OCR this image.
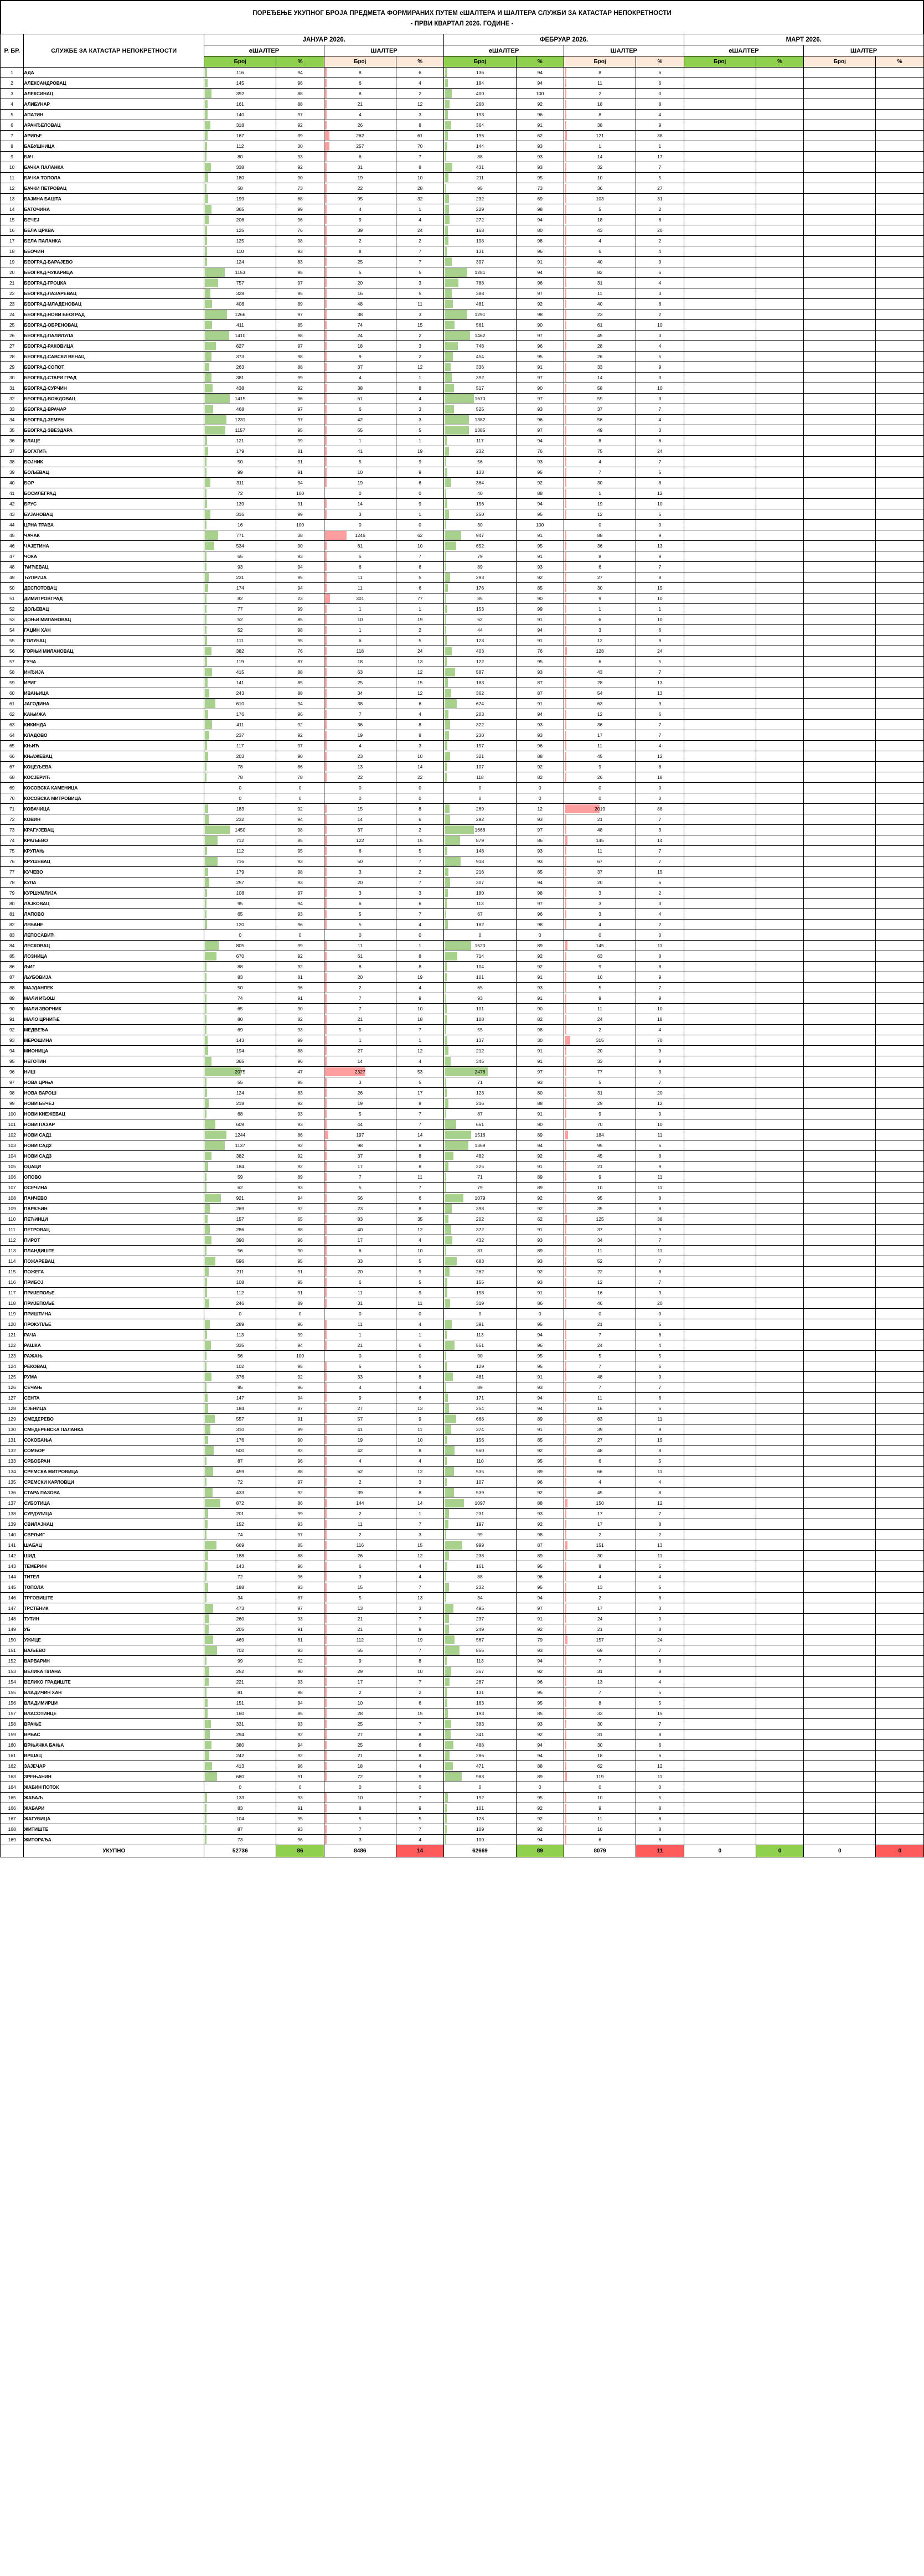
ПОРЕЂЕЊЕ УКУПНОГ БРОЈА ПРЕДМЕТА ФОРМИРАНИХ ПУТЕМ еШАЛТЕРА И ШАЛТЕРА СЛУЖБИ ЗА КАТАСТАР НЕПОКРЕТНОСТИ
- ПРВИ КВАРТАЛ 2026. ГОДИНЕ -
Р. БР.	СЛУЖБЕ ЗА КАТАСТАР НЕПОКРЕТНОСТИ	ЈАНУАР 2026.				ФЕБРУАР 2026.				МАРТ 2026.			
		еШАЛТЕР		ШАЛТЕР		еШАЛТЕР		ШАЛТЕР		еШАЛТЕР		ШАЛТЕР	
		Број	%	Број	%	Број	%	Број	%	Број	%	Број	%
1	АДА	116	94	8	6	136	94	8	6				
2	АЛЕКСАНДРОВАЦ	145	96	6	4	184	94	11	6				
3	АЛЕКСИНАЦ	392	88	8	2	400	100	2	0				
4	АЛИБУНАР	161	88	21	12	268	92	18	8				
5	АПАТИН	140	97	4	3	193	96	8	4				
6	АРАНЂЕЛОВАЦ	318	92	26	8	364	91	38	9				
7	АРИЉЕ	167	39	262	61	196	62	121	38				
8	БАБУШНИЦА	112	30	257	70	144	93	1	1				
9	БАЧ	80	93	6	7	88	93	14	17				
10	БАЧКА ПАЛАНКА	338	92	31	8	431	93	32	7				
11	БАЧКА ТОПОЛА	180	90	19	10	211	95	10	5				
12	БАЧКИ ПЕТРОВАЦ	58	73	22	28	95	73	36	27				
13	БАЈИНА БАШТА	199	68	95	32	232	69	103	31				
14	БАТОЧИНА	365	99	4	1	229	98	5	2				
15	БЕЧЕЈ	206	96	9	4	272	94	18	6				
16	БЕЛА ЦРКВА	125	76	39	24	168	80	43	20				
17	БЕЛА ПАЛАНКА	125	98	2	2	198	98	4	2				
18	БЕОЧИН	110	93	8	7	131	96	6	4				
19	БЕОГРАД-БАРАЈЕВО	124	83	25	7	397	91	40	9				
20	БЕОГРАД-ЧУКАРИЦА	1153	95	5	5	1281	94	82	6				
21	БЕОГРАД-ГРОЦКА	757	97	20	3	788	96	31	4				
22	БЕОГРАД-ЛАЗАРЕВАЦ	328	95	16	5	388	97	11	3				
23	БЕОГРАД-МЛАДЕНОВАЦ	408	89	48	11	481	92	40	8				
24	БЕОГРАД-НОВИ БЕОГРАД	1266	97	38	3	1291	98	23	2				
25	БЕОГРАД-ОБРЕНОВАЦ	411	85	74	15	561	90	61	10				
26	БЕОГРАД-ПАЛИЛУЛА	1410	98	24	2	1462	97	45	3				
27	БЕОГРАД-РАКОВИЦА	627	97	18	3	748	96	28	4				
28	БЕОГРАД-САВСКИ ВЕНАЦ	373	98	9	2	454	95	26	5				
29	БЕОГРАД-СОПОТ	263	88	37	12	336	91	33	9				
30	БЕОГРАД-СТАРИ ГРАД	381	99	4	1	392	97	14	3				
31	БЕОГРАД-СУРЧИН	438	92	38	8	517	90	58	10				
32	БЕОГРАД-ВОЖДОВАЦ	1415	96	61	4	1670	97	59	3				
33	БЕОГРАД-ВРАЧАР	468	97	6	3	525	93	37	7				
34	БЕОГРАД-ЗЕМУН	1231	97	42	3	1382	96	56	4				
35	БЕОГРАД-ЗВЕЗДАРА	1157	95	65	5	1385	97	49	3				
36	БЛАЦЕ	121	99	1	1	117	94	8	6				
37	БОГАТИЋ	179	81	41	19	232	76	75	24				
38	БОЈНИК	50	91	5	9	56	93	4	7				
39	БОЉЕВАЦ	99	91	10	9	133	95	7	5				
40	БОР	311	94	19	6	364	92	30	8				
41	БОСИЛЕГРАД	72	100	0	0	40	88	1	12				
42	БРУС	139	91	14	9	156	94	19	10				
43	БУЈАНОВАЦ	316	99	3	1	250	95	12	5				
44	ЦРНА ТРАВА	16	100	0	0	30	100	0	0				
45	ЧАЧАК	771	38	1246	62	947	91	88	9				
46	ЧАЈЕТИНА	534	90	61	10	652	95	36	13				
47	ЧОКА	65	93	5	7	79	91	8	9				
48	ЋИЋЕВАЦ	93	94	6	6	89	93	6	7				
49	ЋУПРИЈА	231	95	11	5	293	92	27	8				
50	ДЕСПОТОВАЦ	174	94	11	6	176	85	30	15				
51	ДИМИТРОВГРАД	82	23	301	77	85	90	9	10				
52	ДОЉЕВАЦ	77	99	1	1	153	99	1	1				
53	ДОЊИ МИЛАНОВАЦ	52	85	10	19	62	91	6	10				
54	ГАЏИН ХАН	52	98	1	2	44	94	3	6				
55	ГОЛУБАЦ	111	95	6	5	123	91	12	9				
56	ГОРЊИ МИЛАНОВАЦ	382	76	118	24	403	76	128	24				
57	ГУЧА	119	87	18	13	122	95	6	5				
58	ИНЂИЈА	415	88	63	12	587	93	43	7				
59	ИРИГ	141	85	25	15	183	87	28	13				
60	ИВАЊИЦА	243	88	34	12	362	87	54	13				
61	ЈАГОДИНА	610	94	38	6	674	91	63	9				
62	КАЊИЖА	176	96	7	4	203	94	12	6				
63	КИКИНДА	411	92	36	8	322	93	36	7				
64	КЛАДОВО	237	92	19	8	230	93	17	7				
65	КЊИЋ	117	97	4	3	157	96	11	4				
66	КЊАЖЕВАЦ	203	90	23	10	321	88	45	12				
67	КОЦЕЉЕВА	78	86	13	14	107	92	9	8				
68	КОСЈЕРИЋ	78	78	22	22	118	82	26	18				
69	КОСОВСКА КАМЕНИЦА	0	0	0	0	0	0	0	0				
70	КОСОВСКА МИТРОВИЦА	0	0	0	0	0	0	0	0				
71	КОВАЧИЦА	183	92	15	8	269	12	2019	88				
72	КОВИН	232	94	14	6	292	93	21	7				
73	КРАГУЈЕВАЦ	1450	98	37	2	1666	97	48	3				
74	КРАЉЕВО	712	85	122	15	879	86	145	14				
75	КРУПАЊ	112	95	6	5	148	93	11	7				
76	КРУШЕВАЦ	716	93	50	7	918	93	67	7				
77	КУЧЕВО	179	98	3	2	216	85	37	15				
78	КУЛА	257	93	20	7	307	94	20	6				
79	КУРШУМЛИЈА	108	97	3	3	180	98	3	2				
80	ЛАЈКОВАЦ	95	94	6	6	113	97	3	3				
81	ЛАПОВО	65	93	5	7	67	96	3	4				
82	ЛЕБАНЕ	120	96	5	4	182	98	4	2				
83	ЛЕПОСАВИЋ	0	0	0	0	0	0	0	0				
84	ЛЕСКОВАЦ	805	99	11	1	1520	89	145	11				
85	ЛОЗНИЦА	670	92	61	8	714	92	63	8				
86	ЉИГ	88	92	8	8	104	92	9	8				
87	ЉУБОВИЈА	83	81	20	19	101	91	10	9				
88	МАЈДАНПЕК	50	96	2	4	65	93	5	7				
89	МАЛИ ИЂОШ	74	91	7	9	93	91	9	9				
90	МАЛИ ЗВОРНИК	65	90	7	10	101	90	11	10				
91	МАЛО ЦРНИЋЕ	80	82	21	18	108	82	24	18				
92	МЕДВЕЂА	69	93	5	7	55	98	2	4				
93	МЕРОШИНА	143	99	1	1	137	30	315	70				
94	МИОНИЦА	194	88	27	12	212	91	20	9				
95	НЕГОТИН	365	96	14	4	345	91	33	9				
96	НИШ	2075	47	2327	53	2478	97	77	3				
97	НОВА ЦРЊА	55	95	3	5	71	93	5	7				
98	НОВА ВАРОШ	124	83	26	17	123	80	31	20				
99	НОВИ БЕЧЕЈ	218	92	19	8	216	88	29	12				
100	НОВИ КНЕЖЕВАЦ	68	93	5	7	87	91	9	9				
101	НОВИ ПАЗАР	609	93	44	7	661	90	70	10				
102	НОВИ САД1	1244	86	197	14	1516	89	184	11				
103	НОВИ САД2	1137	92	98	8	1369	94	95	6				
104	НОВИ САД3	382	92	37	8	482	92	45	8				
105	ОЏАЦИ	184	92	17	8	225	91	21	9				
106	ОПОВО	59	89	7	11	71	89	9	11				
107	ОСЕЧИНА	62	93	5	7	79	89	10	11				
108	ПАНЧЕВО	921	94	56	6	1079	92	95	8				
109	ПАРАЋИН	269	92	23	8	398	92	35	8				
110	ПЕЋИНЦИ	157	65	83	35	202	62	125	38				
111	ПЕТРОВАЦ	286	88	40	12	372	91	37	9				
112	ПИРОТ	390	96	17	4	432	93	34	7				
113	ПЛАНДИШТЕ	56	90	6	10	87	89	11	11				
114	ПОЖАРЕВАЦ	596	95	33	5	683	93	52	7				
115	ПОЖЕГА	211	91	20	9	262	92	22	8				
116	ПРИБОЈ	108	95	6	5	155	93	12	7				
117	ПРИЈЕПОЉЕ	112	91	11	9	158	91	16	9				
118	ПРИЈЕПОЉЕ	246	89	31	11	319	86	46	20				
119	ПРИШТИНА	0	0	0	0	0	0	0	0				
120	ПРОКУПЉЕ	289	96	11	4	391	95	21	5				
121	РАЧА	113	99	1	1	113	94	7	6				
122	РАШКА	335	94	21	6	551	96	24	4				
123	РАЖАЊ	56	100	0	0	90	95	5	5				
124	РЕКОВАЦ	102	95	5	5	129	95	7	5				
125	РУМА	376	92	33	8	481	91	48	9				
126	СЕЧАЊ	95	96	4	4	89	93	7	7				
127	СЕНТА	147	94	9	6	171	94	11	6				
128	СЈЕНИЦА	184	87	27	13	254	94	16	6				
129	СМЕДЕРЕВО	557	91	57	9	668	89	83	11				
130	СМЕДЕРЕВСКА ПАЛАНКА	310	89	41	11	374	91	39	9				
131	СОКОБАЊА	176	90	19	10	156	85	27	15				
132	СОМБОР	500	92	42	8	560	92	48	8				
133	СРБОБРАН	87	96	4	4	110	95	6	5				
134	СРЕМСКА МИТРОВИЦА	459	88	62	12	535	89	66	11				
135	СРЕМСКИ КАРЛОВЦИ	72	97	2	3	107	96	4	4				
136	СТАРА ПАЗОВА	433	92	39	8	539	92	45	8				
137	СУБОТИЦА	872	86	144	14	1097	88	150	12				
138	СУРДУЛИЦА	201	99	2	1	231	93	17	7				
139	СВИЛАЈНАЦ	152	93	11	7	197	92	17	8				
140	СВРЉИГ	74	97	2	3	99	98	2	2				
141	ШАБАЦ	669	85	116	15	999	87	151	13				
142	ШИД	188	88	26	12	238	89	30	11				
143	ТЕМЕРИН	143	96	6	4	161	95	8	5				
144	ТИТЕЛ	72	96	3	4	88	96	4	4				
145	ТОПОЛА	188	93	15	7	232	95	13	5				
146	ТРГОВИШТЕ	34	87	5	13	34	94	2	6				
147	ТРСТЕНИК	473	97	13	3	495	97	17	3				
148	ТУТИН	260	93	21	7	237	91	24	9				
149	УБ	205	91	21	9	249	92	21	8				
150	УЖИЦЕ	469	81	112	19	567	79	157	24				
151	ВАЉЕВО	702	93	55	7	855	93	69	7				
152	ВАРВАРИН	99	92	9	8	113	94	7	6				
153	ВЕЛИКА ПЛАНА	252	90	29	10	367	92	31	8				
154	ВЕЛИКО ГРАДИШТЕ	221	93	17	7	287	96	13	4				
155	ВЛАДИЧИН ХАН	81	98	2	2	131	95	7	5				
156	ВЛАДИМИРЦИ	151	94	10	6	163	95	8	5				
157	ВЛАСОТИНЦЕ	160	85	28	15	193	85	33	15				
158	ВРАЊЕ	331	93	25	7	383	93	30	7				
159	ВРБАС	294	92	27	8	341	92	31	8				
160	ВРЊАЧКА БАЊА	380	94	25	6	488	94	30	6				
161	ВРШАЦ	242	92	21	8	286	94	18	6				
162	ЗАЈЕЧАР	413	96	18	4	471	88	62	12				
163	ЗРЕЊАНИН	680	91	72	9	983	89	119	11				
164	ЖАБИН ПОТОК	0	0	0	0	0	0	0	0				
165	ЖАБАЉ	133	93	10	7	192	95	10	5				
166	ЖАБАРИ	83	91	8	9	101	92	9	8				
167	ЖАГУБИЦА	104	95	5	5	128	92	11	8				
168	ЖИТИШТЕ	87	93	7	7	109	92	10	8				
169	ЖИТОРАЂА	73	96	3	4	100	94	6	6				
	УКУПНО	52736	86	8486	14	62669	89	8079	11	0	0	0	0
